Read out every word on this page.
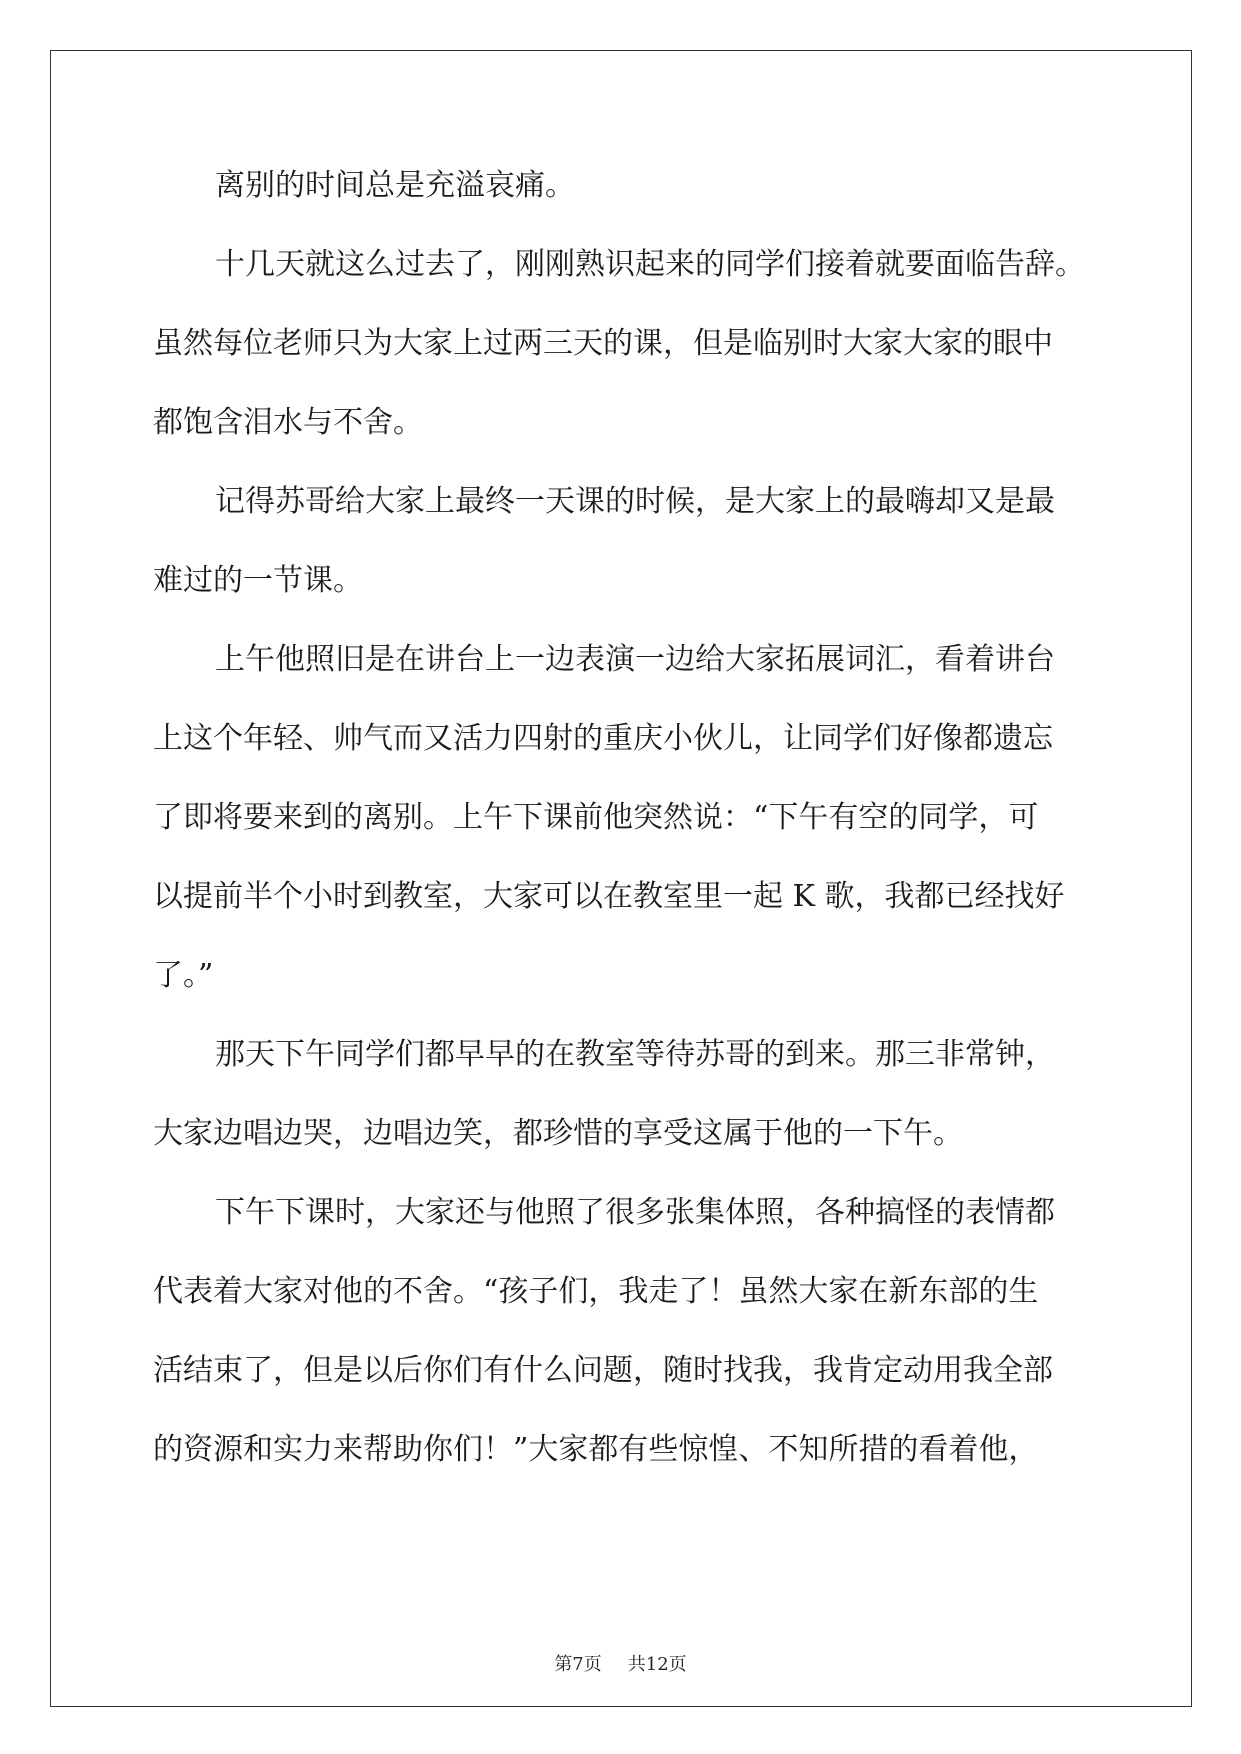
离别的时间总是充溢哀痛。

十几天就这么过去了，刚刚熟识起来的同学们接着就要面临告辞。

虽然每位老师只为大家上过两三天的课，但是临别时大家大家的眼中

都饱含泪水与不舍。

记得苏哥给大家上最终一天课的时候，是大家上的最嗨却又是最

难过的一节课。

上午他照旧是在讲台上一边表演一边给大家拓展词汇，看着讲台

上这个年轻、帅气而又活力四射的重庆小伙儿，让同学们好像都遗忘

了即将要来到的离别。上午下课前他突然说：“下午有空的同学，可

以提前半个小时到教室，大家可以在教室里一起 K 歌，我都已经找好

了。”

那天下午同学们都早早的在教室等待苏哥的到来。那三非常钟，

大家边唱边哭，边唱边笑，都珍惜的享受这属于他的一下午。

下午下课时，大家还与他照了很多张集体照，各种搞怪的表情都

代表着大家对他的不舍。“孩子们，我走了！虽然大家在新东部的生

活结束了，但是以后你们有什么问题，随时找我，我肯定动用我全部

的资源和实力来帮助你们！”大家都有些惊惶、不知所措的看着他，

第7页 共12页
